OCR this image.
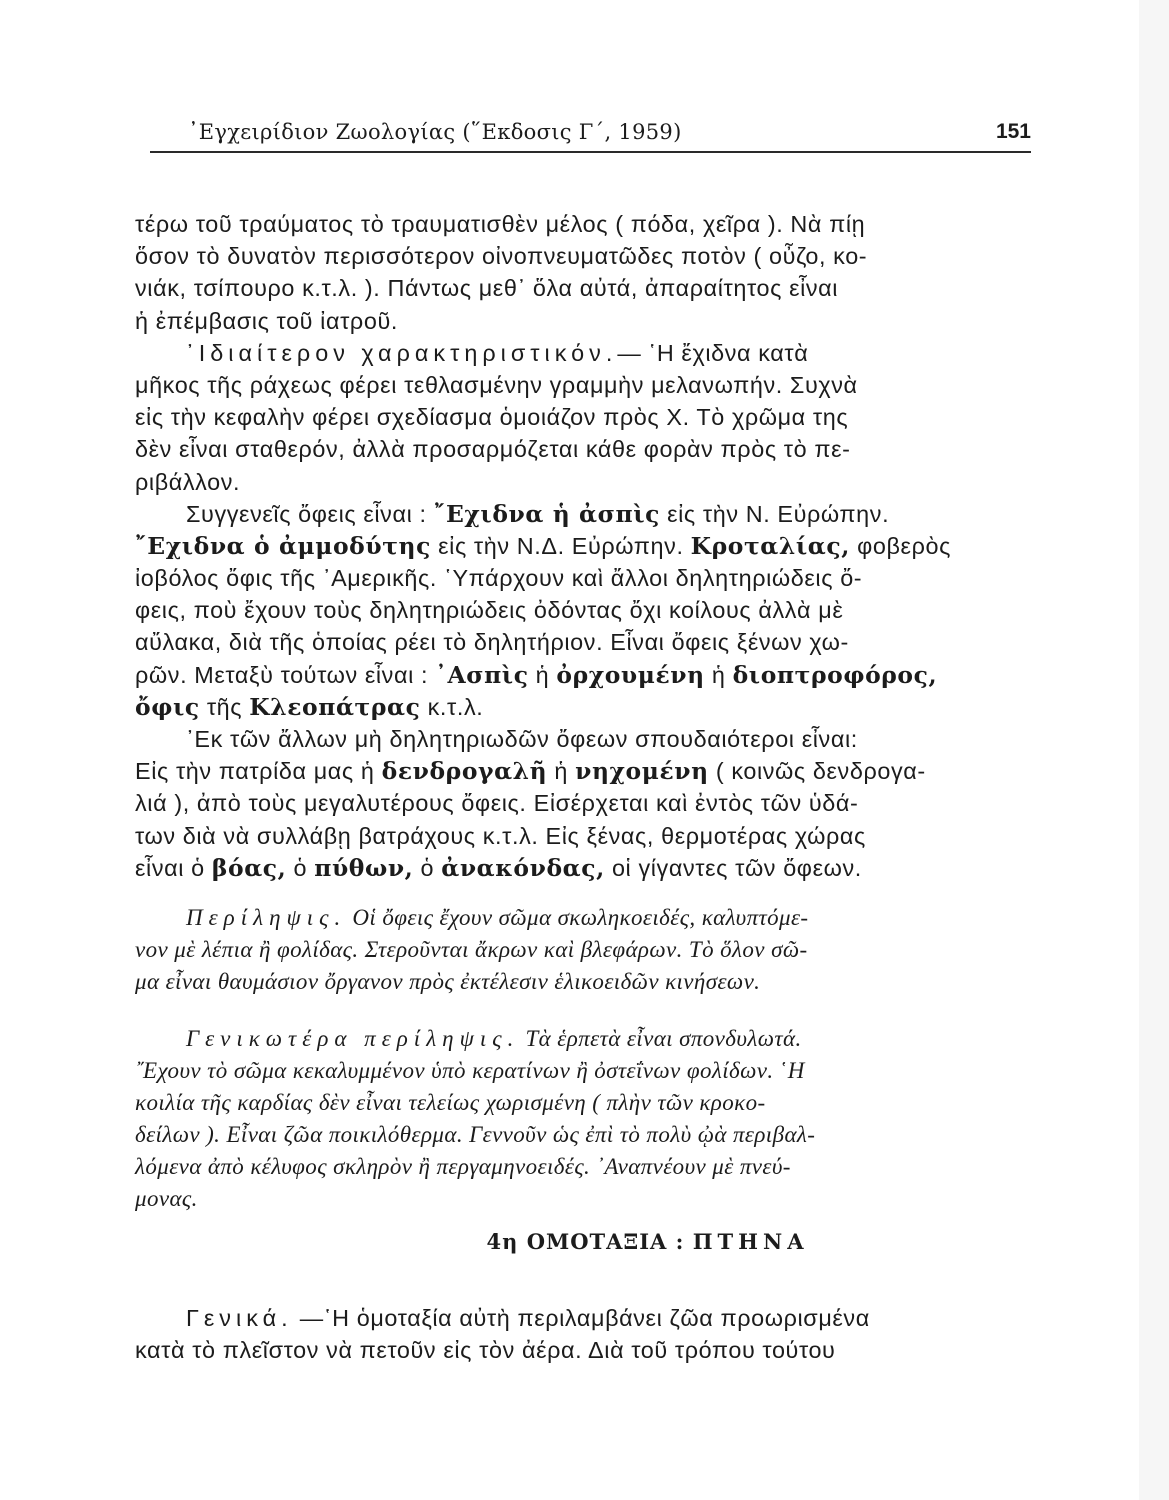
᾿Εγχειρίδιον Ζωολογίας (῞Εκδοσις Γ΄, 1959)	151
τέρω τοῦ τραύματος τὸ τραυματισθὲν μέλος ( πόδα, χεῖρα ). Νὰ πίῃ
ὅσον τὸ δυνατὸν περισσότερον οἰνοπνευματῶδες ποτὸν ( οὖζο, κο-
νιάκ, τσίπουρο κ.τ.λ. ). Πάντως μεθ᾿ ὅλα αὐτά, ἀπαραίτητος εἶναι
ἡ ἐπέμβασις τοῦ ἰατροῦ.
᾿Ιδιαίτερον χαρακτηριστικόν.— ῾Η ἔχιδνα κατὰ
μῆκος τῆς ράχεως φέρει τεθλασμένην γραμμὴν μελανωπήν. Συχνὰ
εἰς τὴν κεφαλὴν φέρει σχεδίασμα ὁμοιάζον πρὸς Χ. Τὸ χρῶμα της
δὲν εἶναι σταθερόν, ἀλλὰ προσαρμόζεται κάθε φορὰν πρὸς τὸ πε-
ριβάλλον.
Συγγενεῖς ὄφεις εἶναι : ῎Εχιδνα ἡ ἀσπὶς εἰς τὴν Ν. Εὐρώπην.
῎Εχιδνα ὁ ἀμμοδύτης εἰς τὴν Ν.Δ. Εὐρώπην. Κροταλίας, φοβερὸς
ἰοβόλος ὄφις τῆς ᾿Αμερικῆς. ῾Υπάρχουν καὶ ἄλλοι δηλητηριώδεις ὄ-
φεις, ποὺ ἔχουν τοὺς δηλητηριώδεις ὀδόντας ὄχι κοίλους ἀλλὰ μὲ
αὔλακα, διὰ τῆς ὁποίας ρέει τὸ δηλητήριον. Εἶναι ὄφεις ξένων χω-
ρῶν. Μεταξὺ τούτων εἶναι : ᾿Ασπὶς ἡ ὀρχουμένη ἡ διοπτροφόρος,
ὄφις τῆς Κλεοπάτρας κ.τ.λ.
᾿Εκ τῶν ἄλλων μὴ δηλητηριωδῶν ὄφεων σπουδαιότεροι εἶναι:
Εἰς τὴν πατρίδα μας ἡ δενδρογαλῆ ἡ νηχομένη ( κοινῶς δενδρογα-
λιά ), ἀπὸ τοὺς μεγαλυτέρους ὄφεις. Εἰσέρχεται καὶ ἐντὸς τῶν ὑδά-
των διὰ νὰ συλλάβῃ βατράχους κ.τ.λ. Εἰς ξένας, θερμοτέρας χώρας
εἶναι ὁ βόας, ὁ πύθων, ὁ ἀνακόνδας, οἱ γίγαντες τῶν ὄφεων.
Περίληψις. Οἱ ὄφεις ἔχουν σῶμα σκωληκοειδές, καλυπτόμε-
νον μὲ λέπια ἢ φολίδας. Στεροῦνται ἄκρων καὶ βλεφάρων. Τὸ ὅλον σῶ-
μα εἶναι θαυμάσιον ὄργανον πρὸς ἐκτέλεσιν ἑλικοειδῶν κινήσεων.
Γενικωτέρα περίληψις. Τὰ ἑρπετὰ εἶναι σπονδυλωτά.
῎Εχουν τὸ σῶμα κεκαλυμμένον ὑπὸ κερατίνων ἢ ὀστεΐνων φολίδων. ῾Η
κοιλία τῆς καρδίας δὲν εἶναι τελείως χωρισμένη ( πλὴν τῶν κροκο-
δείλων ). Εἶναι ζῶα ποικιλόθερμα. Γεννοῦν ὡς ἐπὶ τὸ πολὺ ᾠὰ περιβαλ-
λόμενα ἀπὸ κέλυφος σκληρὸν ἢ περγαμηνοειδές. ᾿Αναπνέουν μὲ πνεύ-
μονας.
4η ΟΜΟΤΑΞΙΑ : ΠΤΗΝΑ
Γενικά. —῾Η ὁμοταξία αὐτὴ περιλαμβάνει ζῶα προωρισμένα
κατὰ τὸ πλεῖστον νὰ πετοῦν εἰς τὸν ἀέρα. Διὰ τοῦ τρόπου τούτου
